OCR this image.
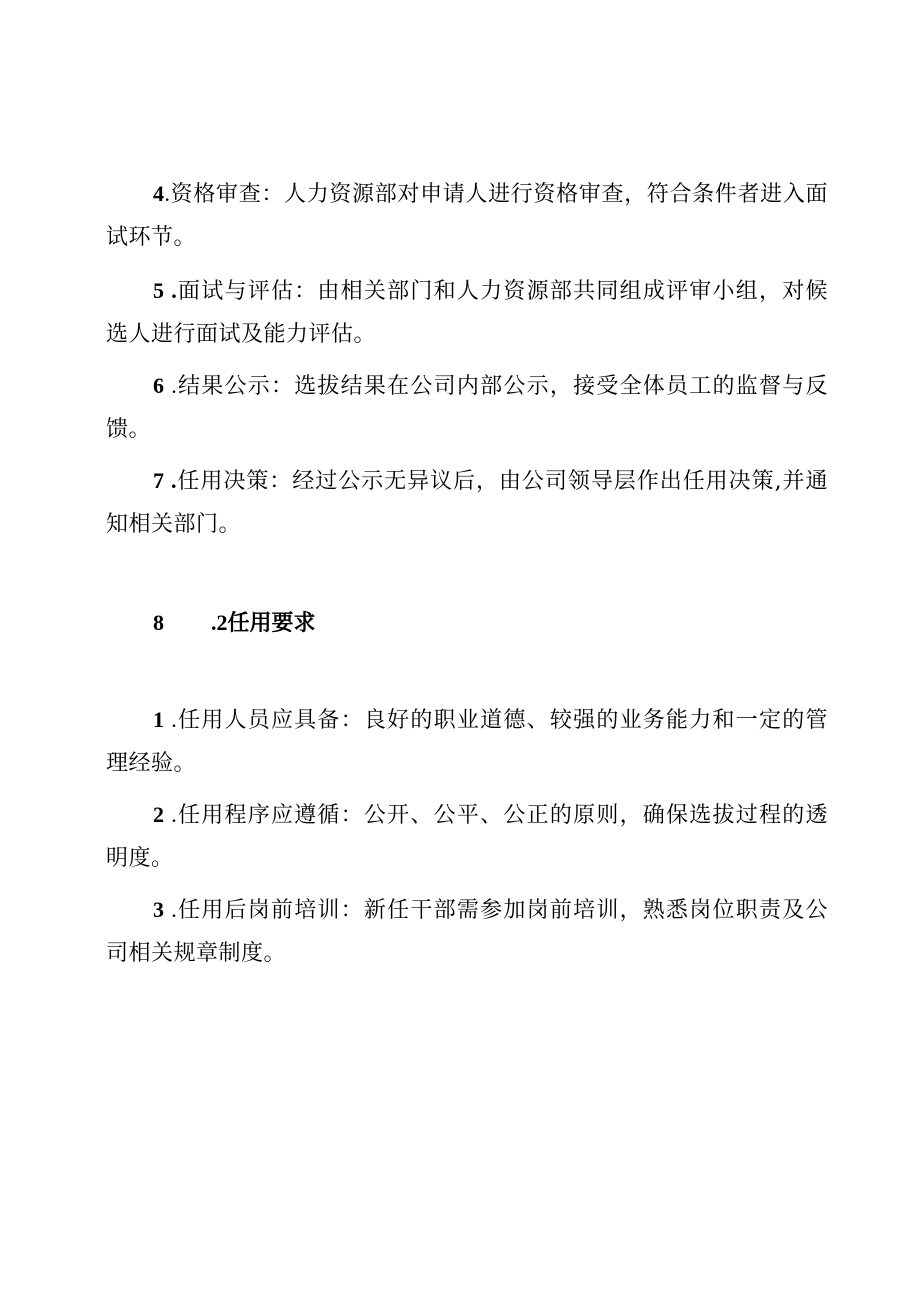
4.资格审查：人力资源部对申请人进行资格审查，符合条件者进入面试环节。

5 .面试与评估：由相关部门和人力资源部共同组成评审小组，对候选人进行面试及能力评估。

6 .结果公示：选拔结果在公司内部公示，接受全体员工的监督与反馈。

7 .任用决策：经过公示无异议后，由公司领导层作出任用决策,并通知相关部门。

8 .2任用要求

1 .任用人员应具备：良好的职业道德、较强的业务能力和一定的管理经验。

2 .任用程序应遵循：公开、公平、公正的原则，确保选拔过程的透明度。

3 .任用后岗前培训：新任干部需参加岗前培训，熟悉岗位职责及公司相关规章制度。
